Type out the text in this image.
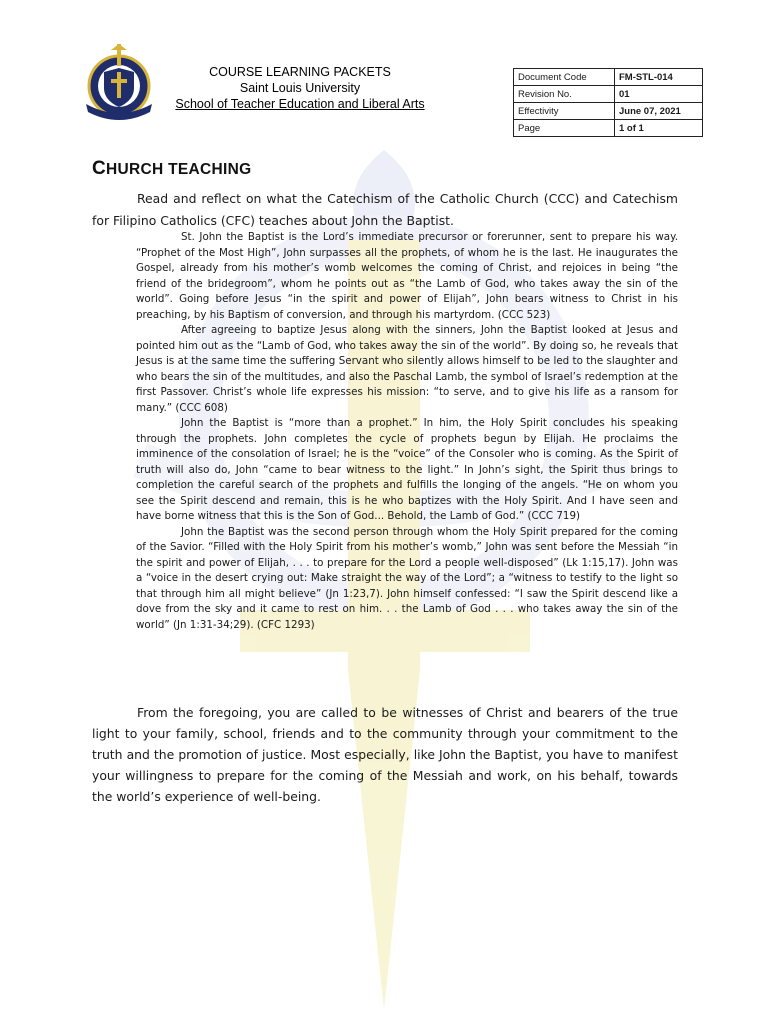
COURSE LEARNING PACKETS
Saint Louis University
School of Teacher Education and Liberal Arts
Document Code	FM-STL-014
Revision No.	01
Effectivity	June 07, 2021
Page	1 of 1
CHURCH TEACHING

Read and reflect on what the Catechism of the Catholic Church (CCC) and Catechism for Filipino Catholics (CFC) teaches about John the Baptist.

St. John the Baptist is the Lord’s immediate precursor or forerunner, sent to prepare his way. “Prophet of the Most High”, John surpasses all the prophets, of whom he is the last. He inaugurates the Gospel, already from his mother’s womb welcomes the coming of Christ, and rejoices in being “the friend of the bridegroom”, whom he points out as “the Lamb of God, who takes away the sin of the world”. Going before Jesus “in the spirit and power of Elijah”, John bears witness to Christ in his preaching, by his Baptism of conversion, and through his martyrdom. (CCC 523)

After agreeing to baptize Jesus along with the sinners, John the Baptist looked at Jesus and pointed him out as the “Lamb of God, who takes away the sin of the world”. By doing so, he reveals that Jesus is at the same time the suffering Servant who silently allows himself to be led to the slaughter and who bears the sin of the multitudes, and also the Paschal Lamb, the symbol of Israel’s redemption at the first Passover. Christ’s whole life expresses his mission: “to serve, and to give his life as a ransom for many.” (CCC 608)

John the Baptist is “more than a prophet.” In him, the Holy Spirit concludes his speaking through the prophets. John completes the cycle of prophets begun by Elijah. He proclaims the imminence of the consolation of Israel; he is the “voice” of the Consoler who is coming. As the Spirit of truth will also do, John “came to bear witness to the light.” In John’s sight, the Spirit thus brings to completion the careful search of the prophets and fulfills the longing of the angels. “He on whom you see the Spirit descend and remain, this is he who baptizes with the Holy Spirit. And I have seen and have borne witness that this is the Son of God... Behold, the Lamb of God.” (CCC 719)

John the Baptist was the second person through whom the Holy Spirit prepared for the coming of the Savior. “Filled with the Holy Spirit from his mother’s womb,” John was sent before the Messiah “in the spirit and power of Elijah, . . . to prepare for the Lord a people well-disposed” (Lk 1:15,17). John was a “voice in the desert crying out: Make straight the way of the Lord”; a “witness to testify to the light so that through him all might believe” (Jn 1:23,7). John himself confessed: “I saw the Spirit descend like a dove from the sky and it came to rest on him. . . the Lamb of God . . . who takes away the sin of the world” (Jn 1:31-34;29). (CFC 1293)

From the foregoing, you are called to be witnesses of Christ and bearers of the true light to your family, school, friends and to the community through your commitment to the truth and the promotion of justice. Most especially, like John the Baptist, you have to manifest your willingness to prepare for the coming of the Messiah and work, on his behalf, towards the world’s experience of well-being.
